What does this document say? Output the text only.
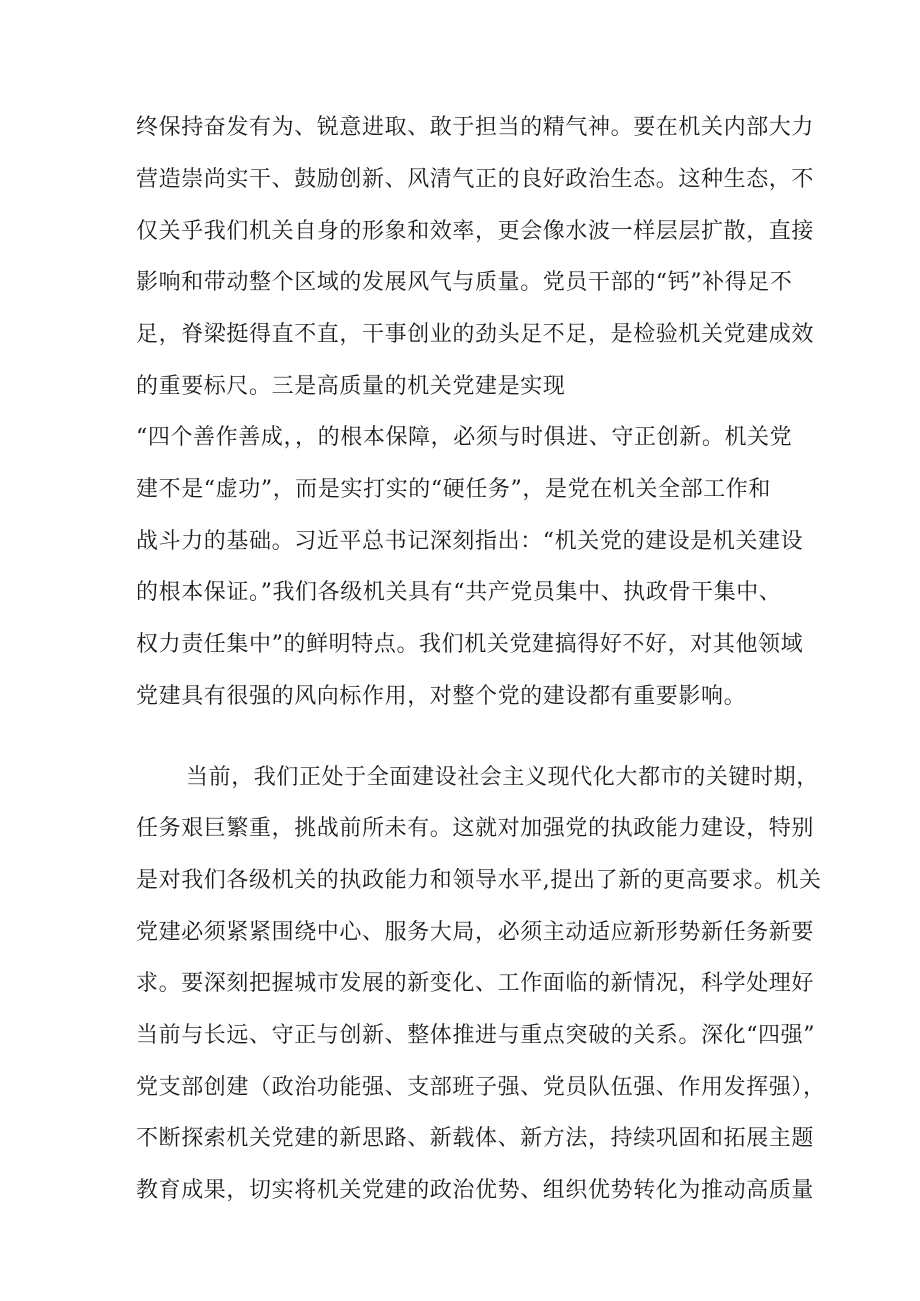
终保持奋发有为、锐意进取、敢于担当的精气神。要在机关内部大力
营造崇尚实干、鼓励创新、风清气正的良好政治生态。这种生态，不
仅关乎我们机关自身的形象和效率，更会像水波一样层层扩散，直接
影响和带动整个区域的发展风气与质量。党员干部的“钙”补得足不
足，脊梁挺得直不直，干事创业的劲头足不足，是检验机关党建成效
的重要标尺。三是高质量的机关党建是实现
“四个善作善成，，的根本保障，必须与时俱进、守正创新。机关党
建不是“虚功”，而是实打实的“硬任务”，是党在机关全部工作和
战斗力的基础。习近平总书记深刻指出：“机关党的建设是机关建设
的根本保证。”我们各级机关具有“共产党员集中、执政骨干集中、
权力责任集中”的鲜明特点。我们机关党建搞得好不好，对其他领域
党建具有很强的风向标作用，对整个党的建设都有重要影响。
当前，我们正处于全面建设社会主义现代化大都市的关键时期，
任务艰巨繁重，挑战前所未有。这就对加强党的执政能力建设，特别
是对我们各级机关的执政能力和领导水平,提出了新的更高要求。机关
党建必须紧紧围绕中心、服务大局，必须主动适应新形势新任务新要
求。要深刻把握城市发展的新变化、工作面临的新情况，科学处理好
当前与长远、守正与创新、整体推进与重点突破的关系。深化“四强”
党支部创建（政治功能强、支部班子强、党员队伍强、作用发挥强），
不断探索机关党建的新思路、新载体、新方法，持续巩固和拓展主题
教育成果，切实将机关党建的政治优势、组织优势转化为推动高质量
